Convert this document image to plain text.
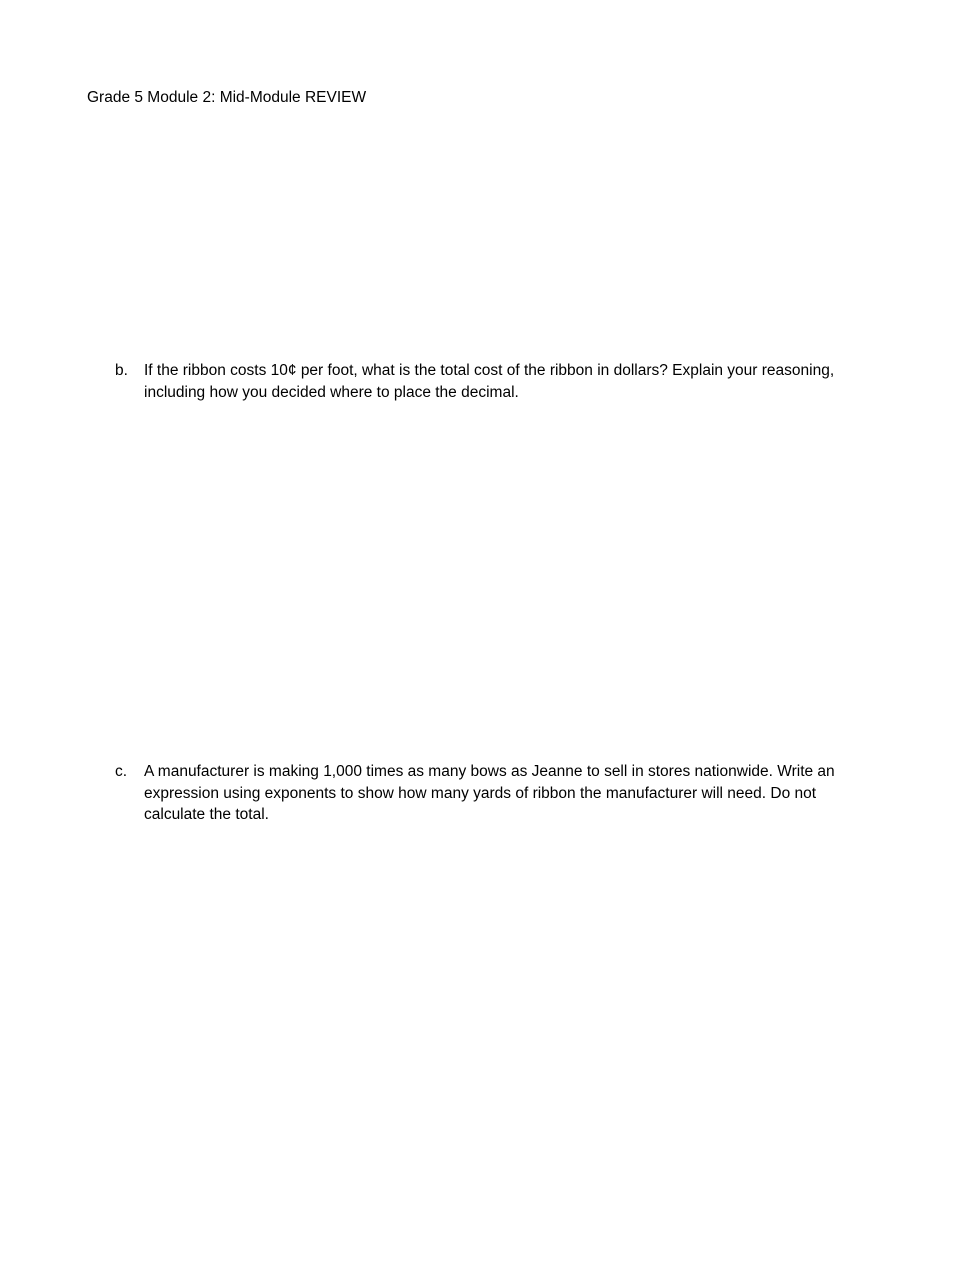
Grade 5 Module 2: Mid-Module REVIEW
b.	If the ribbon costs 10¢ per foot, what is the total cost of the ribbon in dollars? Explain your reasoning, including how you decided where to place the decimal.
c.	A manufacturer is making 1,000 times as many bows as Jeanne to sell in stores nationwide. Write an expression using exponents to show how many yards of ribbon the manufacturer will need. Do not calculate the total.
